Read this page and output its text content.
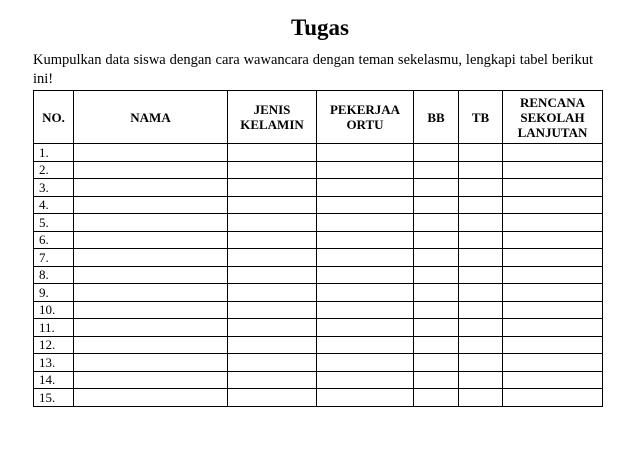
Tugas
Kumpulkan data siswa dengan cara wawancara dengan teman sekelasmu, lengkapi tabel berikut ini!
NO.	NAMA	JENIS KELAMIN	PEKERJAA ORTU	BB	TB	RENCANA SEKOLAH LANJUTAN
1.						
2.						
3.						
4.						
5.						
6.						
7.						
8.						
9.						
10.						
11.						
12.						
13.						
14.						
15.						
